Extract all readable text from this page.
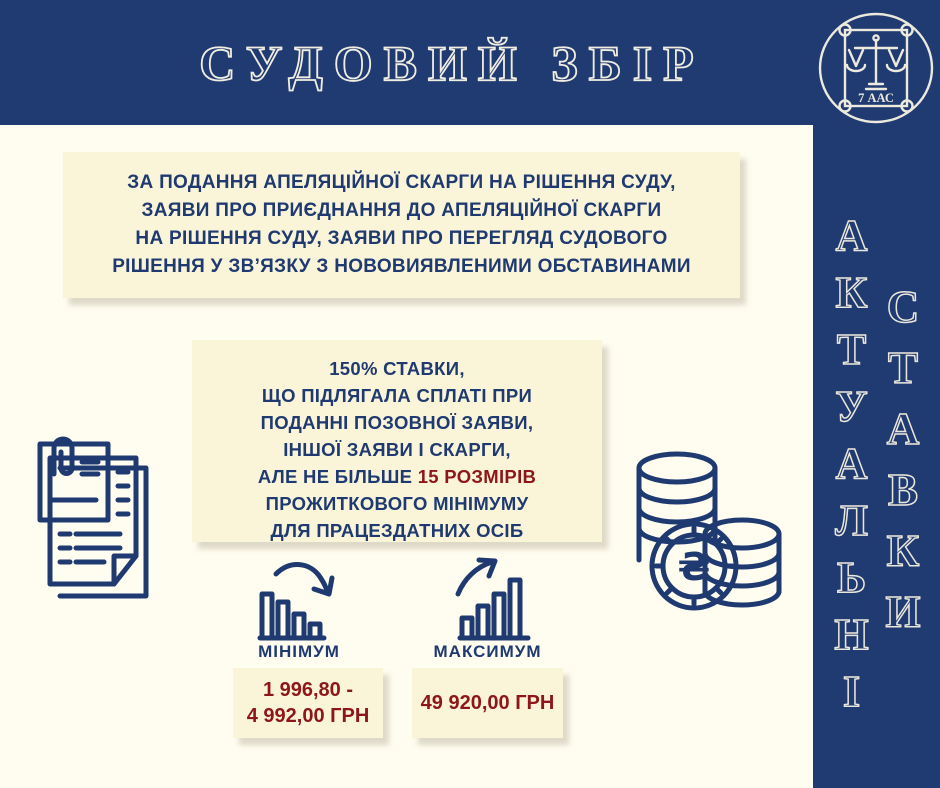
СУДОВИЙ ЗБІР
7 ААС
АКТУАЛЬНІ СТАВКИ
ЗА ПОДАННЯ АПЕЛЯЦІЙНОЇ СКАРГИ НА РІШЕННЯ СУДУ,
ЗАЯВИ ПРО ПРИЄДНАННЯ ДО АПЕЛЯЦІЙНОЇ СКАРГИ
НА РІШЕННЯ СУДУ, ЗАЯВИ ПРО ПЕРЕГЛЯД СУДОВОГО
РІШЕННЯ У ЗВ’ЯЗКУ З НОВОВИЯВЛЕНИМИ ОБСТАВИНАМИ
150% СТАВКИ,
ЩО ПІДЛЯГАЛА СПЛАТІ ПРИ
ПОДАННІ ПОЗОВНОЇ ЗАЯВИ,
ІНШОЇ ЗАЯВИ І СКАРГИ,
АЛЕ НЕ БІЛЬШЕ 15 РОЗМІРІВ
ПРОЖИТКОВОГО МІНІМУМУ
ДЛЯ ПРАЦЕЗДАТНИХ ОСІБ
₴
МІНІМУМ
1 996,80 -
4 992,00 ГРН
МАКСИМУМ
49 920,00 ГРН
